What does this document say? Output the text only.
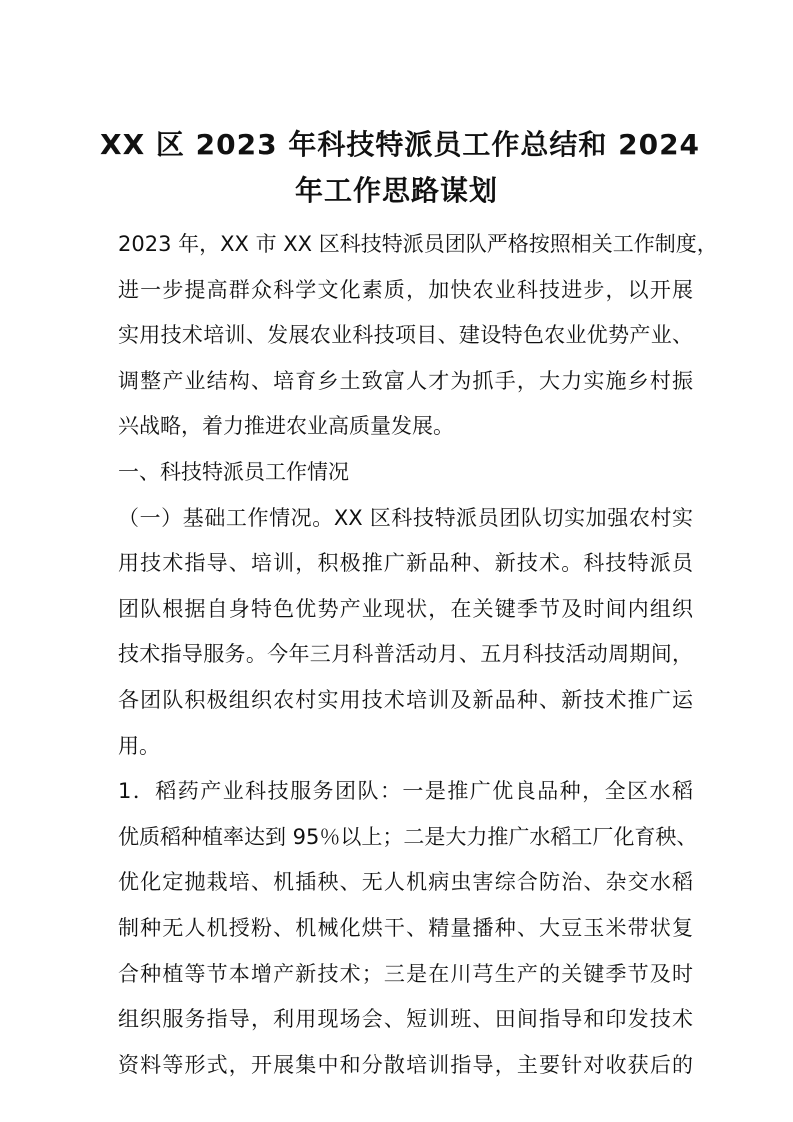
XX 区 2023 年科技特派员工作总结和 2024
年工作思路谋划
2023 年，XX 市 XX 区科技特派员团队严格按照相关工作制度，
进一步提高群众科学文化素质，加快农业科技进步，以开展
实用技术培训、发展农业科技项目、建设特色农业优势产业、
调整产业结构、培育乡土致富人才为抓手，大力实施乡村振
兴战略，着力推进农业高质量发展。
一、科技特派员工作情况
（一）基础工作情况。XX 区科技特派员团队切实加强农村实
用技术指导、培训，积极推广新品种、新技术。科技特派员
团队根据自身特色优势产业现状，在关键季节及时间内组织
技术指导服务。今年三月科普活动月、五月科技活动周期间，
各团队积极组织农村实用技术培训及新品种、新技术推广运
用。
1．稻药产业科技服务团队：一是推广优良品种，全区水稻
优质稻种植率达到 95％以上；二是大力推广水稻工厂化育秧、
优化定抛栽培、机插秧、无人机病虫害综合防治、杂交水稻
制种无人机授粉、机械化烘干、精量播种、大豆玉米带状复
合种植等节本增产新技术；三是在川芎生产的关键季节及时
组织服务指导，利用现场会、短训班、田间指导和印发技术
资料等形式，开展集中和分散培训指导，主要针对收获后的
